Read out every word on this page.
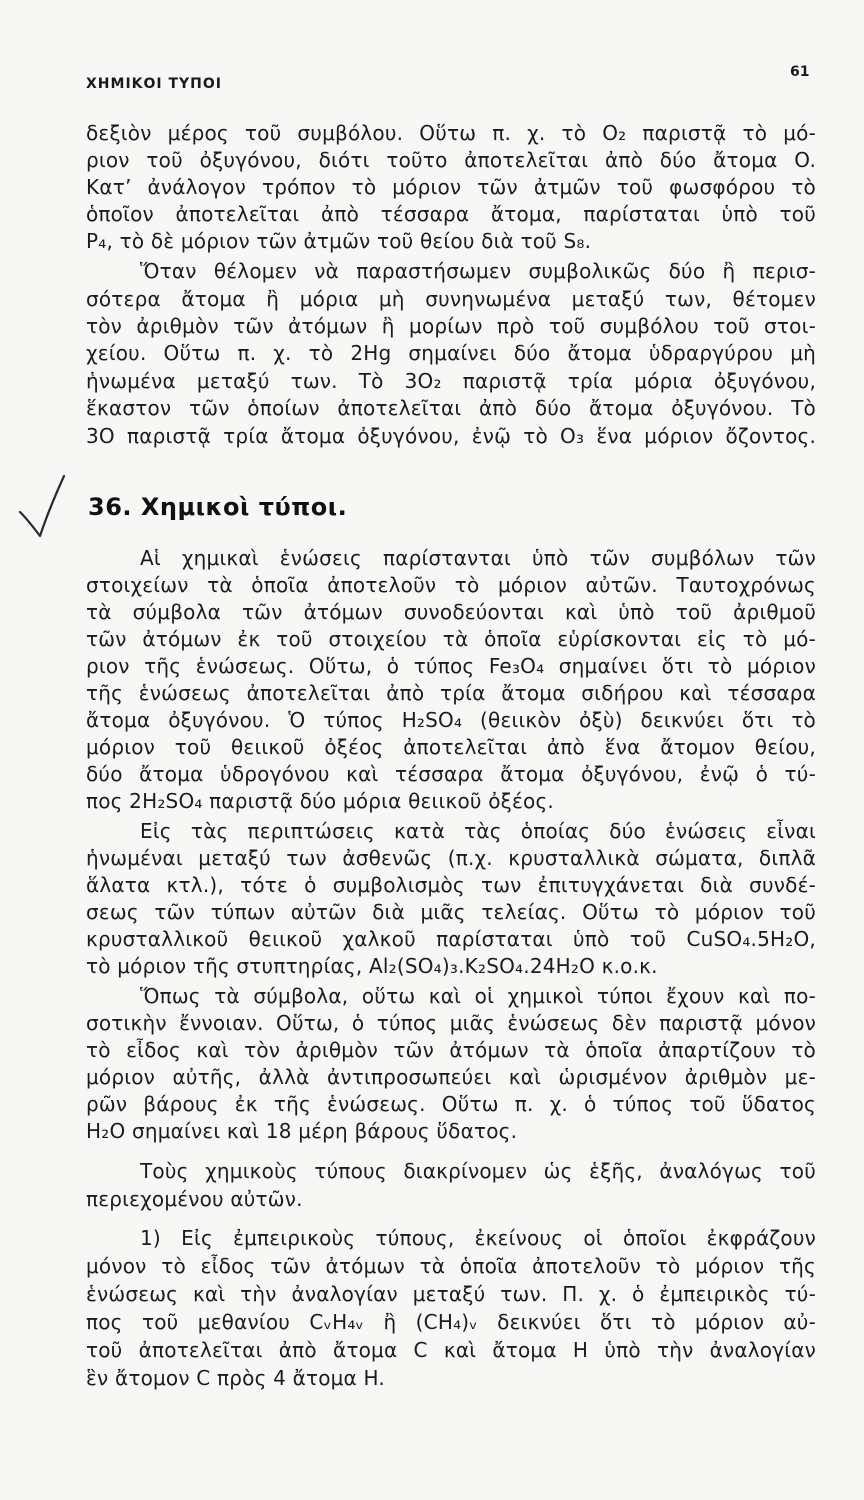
ΧΗΜΙΚΟΙ ΤΥΠΟΙ
61
δεξιὸν μέρος τοῦ συμβόλου. Οὕτω π. χ. τὸ O₂ παριστᾷ τὸ μό-
ριον τοῦ ὀξυγόνου, διότι τοῦτο ἀποτελεῖται ἀπὸ δύο ἄτομα O.
Κατ’ ἀνάλογον τρόπον τὸ μόριον τῶν ἀτμῶν τοῦ φωσφόρου τὸ
ὁποῖον ἀποτελεῖται ἀπὸ τέσσαρα ἄτομα, παρίσταται ὑπὸ τοῦ
P₄, τὸ δὲ μόριον τῶν ἀτμῶν τοῦ θείου διὰ τοῦ S₈.
Ὅταν θέλομεν νὰ παραστήσωμεν συμβολικῶς δύο ἢ περισ-
σότερα ἄτομα ἢ μόρια μὴ συνηνωμένα μεταξύ των, θέτομεν
τὸν ἀριθμὸν τῶν ἀτόμων ἢ μορίων πρὸ τοῦ συμβόλου τοῦ στοι-
χείου. Οὕτω π. χ. τὸ 2Hg σημαίνει δύο ἄτομα ὑδραργύρου μὴ
ἡνωμένα μεταξύ των. Τὸ 3O₂ παριστᾷ τρία μόρια ὀξυγόνου,
ἕκαστον τῶν ὁποίων ἀποτελεῖται ἀπὸ δύο ἄτομα ὀξυγόνου. Τὸ
3O παριστᾷ τρία ἄτομα ὀξυγόνου, ἐνῷ τὸ O₃ ἕνα μόριον ὄζοντος.
36. Χημικοὶ τύποι.
Αἱ χημικαὶ ἑνώσεις παρίστανται ὑπὸ τῶν συμβόλων τῶν
στοιχείων τὰ ὁποῖα ἀποτελοῦν τὸ μόριον αὐτῶν. Ταυτοχρόνως
τὰ σύμβολα τῶν ἀτόμων συνοδεύονται καὶ ὑπὸ τοῦ ἀριθμοῦ
τῶν ἀτόμων ἐκ τοῦ στοιχείου τὰ ὁποῖα εὑρίσκονται εἰς τὸ μό-
ριον τῆς ἑνώσεως. Οὕτω, ὁ τύπος Fe₃O₄ σημαίνει ὅτι τὸ μόριον
τῆς ἑνώσεως ἀποτελεῖται ἀπὸ τρία ἄτομα σιδήρου καὶ τέσσαρα
ἄτομα ὀξυγόνου. Ὁ τύπος H₂SO₄ (θειικὸν ὀξὺ) δεικνύει ὅτι τὸ
μόριον τοῦ θειικοῦ ὀξέος ἀποτελεῖται ἀπὸ ἕνα ἄτομον θείου,
δύο ἄτομα ὑδρογόνου καὶ τέσσαρα ἄτομα ὀξυγόνου, ἐνῷ ὁ τύ-
πος 2H₂SO₄ παριστᾷ δύο μόρια θειικοῦ ὀξέος.
Εἰς τὰς περιπτώσεις κατὰ τὰς ὁποίας δύο ἑνώσεις εἶναι
ἡνωμέναι μεταξύ των ἀσθενῶς (π.χ. κρυσταλλικὰ σώματα, διπλᾶ
ἅλατα κτλ.), τότε ὁ συμβολισμὸς των ἐπιτυγχάνεται διὰ συνδέ-
σεως τῶν τύπων αὐτῶν διὰ μιᾶς τελείας. Οὕτω τὸ μόριον τοῦ
κρυσταλλικοῦ θειικοῦ χαλκοῦ παρίσταται ὑπὸ τοῦ CuSO₄.5H₂O,
τὸ μόριον τῆς στυπτηρίας, Al₂(SO₄)₃.K₂SO₄.24H₂O κ.ο.κ.
Ὅπως τὰ σύμβολα, οὕτω καὶ οἱ χημικοὶ τύποι ἔχουν καὶ πο-
σοτικὴν ἔννοιαν. Οὕτω, ὁ τύπος μιᾶς ἑνώσεως δὲν παριστᾷ μόνον
τὸ εἶδος καὶ τὸν ἀριθμὸν τῶν ἀτόμων τὰ ὁποῖα ἀπαρτίζουν τὸ
μόριον αὐτῆς, ἀλλὰ ἀντιπροσωπεύει καὶ ὡρισμένον ἀριθμὸν με-
ρῶν βάρους ἐκ τῆς ἑνώσεως. Οὕτω π. χ. ὁ τύπος τοῦ ὕδατος
H₂O σημαίνει καὶ 18 μέρη βάρους ὕδατος.
Τοὺς χημικοὺς τύπους διακρίνομεν ὡς ἑξῆς, ἀναλόγως τοῦ
περιεχομένου αὐτῶν.
1) Εἰς ἐμπειρικοὺς τύπους, ἐκείνους οἱ ὁποῖοι ἐκφράζουν
μόνον τὸ εἶδος τῶν ἀτόμων τὰ ὁποῖα ἀποτελοῦν τὸ μόριον τῆς
ἑνώσεως καὶ τὴν ἀναλογίαν μεταξύ των. Π. χ. ὁ ἐμπειρικὸς τύ-
πος τοῦ μεθανίου CᵥH₄ᵥ ἢ (CH₄)ᵥ δεικνύει ὅτι τὸ μόριον αὐ-
τοῦ ἀποτελεῖται ἀπὸ ἄτομα C καὶ ἄτομα H ὑπὸ τὴν ἀναλογίαν
ἓν ἄτομον C πρὸς 4 ἄτομα H.
